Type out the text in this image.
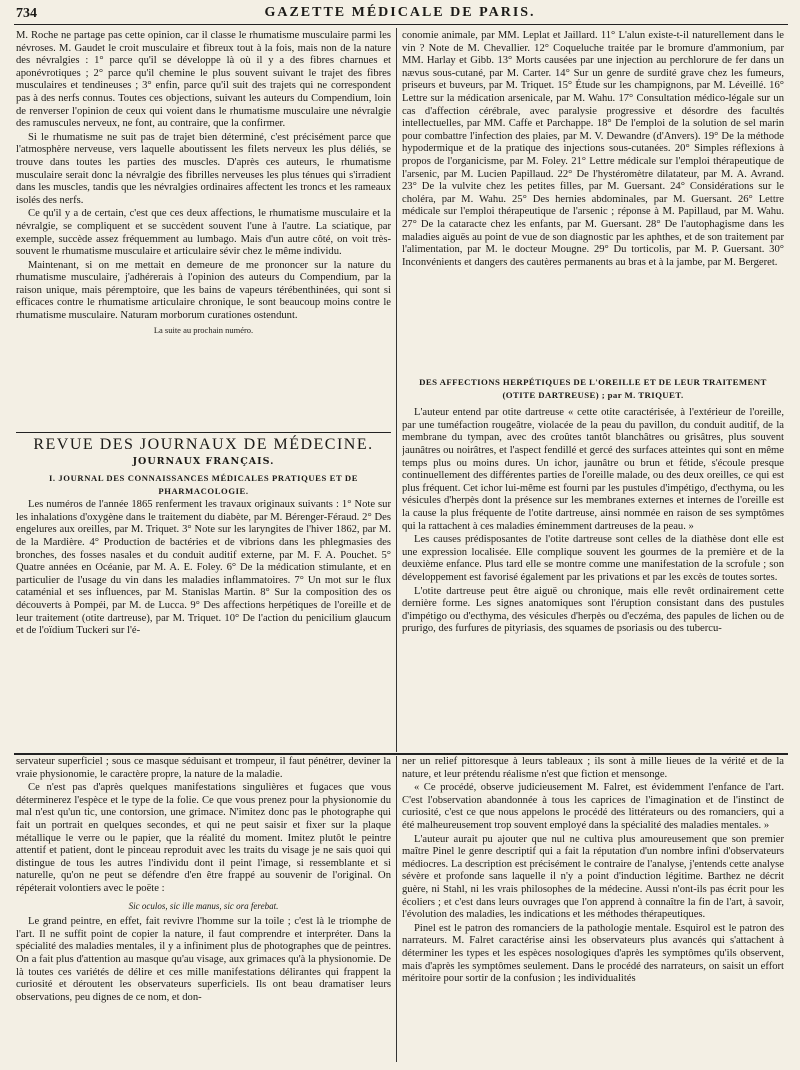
734	GAZETTE MÉDICALE DE PARIS.

M. Roche ne partage pas cette opinion, car il classe le rhumatisme musculaire parmi les névroses. M. Gaudet le croit musculaire et fibreux tout à la fois, mais non de la nature des névralgies : 1° parce qu'il se développe là où il y a des fibres charnues et aponévrotiques ; 2° parce qu'il chemine le plus souvent suivant le trajet des fibres musculaires et tendineuses ; 3° enfin, parce qu'il suit des trajets qui ne correspondent pas à des nerfs connus. Toutes ces objections, suivant les auteurs du Compendium, loin de renverser l'opinion de ceux qui voient dans le rhumatisme musculaire une névralgie des ramuscules nerveux, ne font, au contraire, que la confirmer.

Si le rhumatisme ne suit pas de trajet bien déterminé, c'est précisément parce que l'atmosphère nerveuse, vers laquelle aboutissent les filets nerveux les plus déliés, se trouve dans toutes les parties des muscles. D'après ces auteurs, le rhumatisme musculaire serait donc la névralgie des fibrilles nerveuses les plus ténues qui s'irradient dans les muscles, tandis que les névralgies ordinaires affectent les troncs et les rameaux isolés des nerfs.

Ce qu'il y a de certain, c'est que ces deux affections, le rhumatisme musculaire et la névralgie, se compliquent et se succèdent souvent l'une à l'autre. La sciatique, par exemple, succède assez fréquemment au lumbago. Mais d'un autre côté, on voit très-souvent le rhumatisme musculaire et articulaire sévir chez le même individu.

Maintenant, si on me mettait en demeure de me prononcer sur la nature du rhumatisme musculaire, j'adhérerais à l'opinion des auteurs du Compendium, par la raison unique, mais péremptoire, que les bains de vapeurs térébenthinées, qui sont si efficaces contre le rhumatisme articulaire chronique, le sont beaucoup moins contre le rhumatisme musculaire. Naturam morborum curationes ostendunt.

La suite au prochain numéro.

REVUE DES JOURNAUX DE MÉDECINE.
JOURNAUX FRANÇAIS.

I. JOURNAL DES CONNAISSANCES MÉDICALES PRATIQUES ET DE PHARMACOLOGIE.

Les numéros de l'année 1865 renferment les travaux originaux suivants : 1° Note sur les inhalations d'oxygène dans le traitement du diabète, par M. Bérenger-Féraud. 2° Des engelures aux oreilles, par M. Triquet. 3° Note sur les laryngites de l'hiver 1862, par M. de la Mardière. 4° Production de bactéries et de vibrions dans les phlegmasies des bronches, des fosses nasales et du conduit auditif externe, par M. F. A. Pouchet. 5° Quatre années en Océanie, par M. A. E. Foley. 6° De la médication stimulante, et en particulier de l'usage du vin dans les maladies inflammatoires. 7° Un mot sur le flux cataménial et ses influences, par M. Stanislas Martin. 8° Sur la composition des os découverts à Pompéi, par M. de Lucca. 9° Des affections herpétiques de l'oreille et de leur traitement (otite dartreuse), par M. Triquet. 10° De l'action du penicilium glaucum et de l'oïdium Tuckeri sur l'é-

conomie animale, par MM. Leplat et Jaillard. 11° L'alun existe-t-il naturellement dans le vin ? Note de M. Chevallier. 12° Coqueluche traitée par le bromure d'ammonium, par MM. Harlay et Gibb. 13° Morts causées par une injection au perchlorure de fer dans un nævus sous-cutané, par M. Carter. 14° Sur un genre de surdité grave chez les fumeurs, priseurs et buveurs, par M. Triquet. 15° Étude sur les champignons, par M. Léveillé. 16° Lettre sur la médication arsenicale, par M. Wahu. 17° Consultation médico-légale sur un cas d'affection cérébrale, avec paralysie progressive et désordre des facultés intellectuelles, par MM. Caffe et Parchappe. 18° De l'emploi de la solution de sel marin pour combattre l'infection des plaies, par M. V. Dewandre (d'Anvers). 19° De la méthode hypodermique et de la pratique des injections sous-cutanées. 20° Simples réflexions à propos de l'organicisme, par M. Foley. 21° Lettre médicale sur l'emploi thérapeutique de l'arsenic, par M. Lucien Papillaud. 22° De l'hystéromètre dilatateur, par M. A. Avrand. 23° De la vulvite chez les petites filles, par M. Guersant. 24° Considérations sur le choléra, par M. Wahu. 25° Des hernies abdominales, par M. Guersant. 26° Lettre médicale sur l'emploi thérapeutique de l'arsenic ; réponse à M. Papillaud, par M. Wahu. 27° De la cataracte chez les enfants, par M. Guersant. 28° De l'autophagisme dans les maladies aiguës au point de vue de son diagnostic par les aphthes, et de son traitement par l'alimentation, par M. le docteur Mougne. 29° Du torticolis, par M. P. Guersant. 30° Inconvénients et dangers des cautères permanents au bras et à la jambe, par M. Bergeret.

DES AFFECTIONS HERPÉTIQUES DE L'OREILLE ET DE LEUR TRAITEMENT (OTITE DARTREUSE) ; par M. TRIQUET.

L'auteur entend par otite dartreuse « cette otite caractérisée, à l'extérieur de l'oreille, par une tuméfaction rougeâtre, violacée de la peau du pavillon, du conduit auditif, de la membrane du tympan, avec des croûtes tantôt blanchâtres ou grisâtres, plus souvent jaunâtres ou noirâtres, et l'aspect fendillé et gercé des surfaces atteintes qui sont en même temps plus ou moins dures. Un ichor, jaunâtre ou brun et fétide, s'écoule presque continuellement des différentes parties de l'oreille malade, ou des deux oreilles, ce qui est plus fréquent. Cet ichor lui-même est fourni par les pustules d'impétigo, d'ecthyma, ou les vésicules d'herpès dont la présence sur les membranes externes et internes de l'oreille est la cause la plus fréquente de l'otite dartreuse, ainsi nommée en raison de ses symptômes qui la rattachent à ces maladies éminemment dartreuses de la peau. »

Les causes prédisposantes de l'otite dartreuse sont celles de la diathèse dont elle est une expression localisée. Elle complique souvent les gourmes de la première et de la deuxième enfance. Plus tard elle se montre comme une manifestation de la scrofule ; son développement est favorisé également par les privations et par les excès de toutes sortes.

L'otite dartreuse peut être aiguë ou chronique, mais elle revêt ordinairement cette dernière forme. Les signes anatomiques sont l'éruption consistant dans des pustules d'impétigo ou d'ecthyma, des vésicules d'herpès ou d'eczéma, des papules de lichen ou de prurigo, des furfures de pityriasis, des squames de psoriasis ou des tubercu-

servateur superficiel ; sous ce masque séduisant et trompeur, il faut pénétrer, deviner la vraie physionomie, le caractère propre, la nature de la maladie.

Ce n'est pas d'après quelques manifestations singulières et fugaces que vous déterminerez l'espèce et le type de la folie. Ce que vous prenez pour la physionomie du mal n'est qu'un tic, une contorsion, une grimace. N'imitez donc pas le photographe qui fait un portrait en quelques secondes, et qui ne peut saisir et fixer sur la plaque métallique le verre ou le papier, que la réalité du moment. Imitez plutôt le peintre attentif et patient, dont le pinceau reproduit avec les traits du visage je ne sais quoi qui distingue de tous les autres l'individu dont il peint l'image, si ressemblante et si naturelle, qu'on ne peut se défendre d'en être frappé au souvenir de l'original. On répéterait volontiers avec le poëte :

Sic oculos, sic ille manus, sic ora ferebat.

Le grand peintre, en effet, fait revivre l'homme sur la toile ; c'est là le triomphe de l'art. Il ne suffit point de copier la nature, il faut comprendre et interpréter. Dans la spécialité des maladies mentales, il y a infiniment plus de photographes que de peintres. On a fait plus d'attention au masque qu'au visage, aux grimaces qu'à la physionomie. De là toutes ces variétés de délire et ces mille manifestations délirantes qui frappent la curiosité et déroutent les observateurs superficiels. Ils ont beau dramatiser leurs observations, peu dignes de ce nom, et don-

ner un relief pittoresque à leurs tableaux ; ils sont à mille lieues de la vérité et de la nature, et leur prétendu réalisme n'est que fiction et mensonge.

« Ce procédé, observe judicieusement M. Falret, est évidemment l'enfance de l'art. C'est l'observation abandonnée à tous les caprices de l'imagination et de l'instinct de curiosité, c'est ce que nous appelons le procédé des littérateurs ou des romanciers, qui a été malheureusement trop souvent employé dans la spécialité des maladies mentales. »

L'auteur aurait pu ajouter que nul ne cultiva plus amoureusement que son premier maître Pinel le genre descriptif qui a fait la réputation d'un nombre infini d'observateurs médiocres. La description est précisément le contraire de l'analyse, j'entends cette analyse sévère et profonde sans laquelle il n'y a point d'induction légitime. Barthez ne décrit guère, ni Stahl, ni les vrais philosophes de la médecine. Aussi n'ont-ils pas écrit pour les écoliers ; et c'est dans leurs ouvrages que l'on apprend à connaître la fin de l'art, à savoir, l'évolution des maladies, les indications et les méthodes thérapeutiques.

Pinel est le patron des romanciers de la pathologie mentale. Esquirol est le patron des narrateurs. M. Falret caractérise ainsi les observateurs plus avancés qui s'attachent à déterminer les types et les espèces nosologiques d'après les symptômes qu'ils observent, mais d'après les symptômes seulement. Dans le procédé des narrateurs, on saisit un effort méritoire pour sortir de la confusion ; les individualités
